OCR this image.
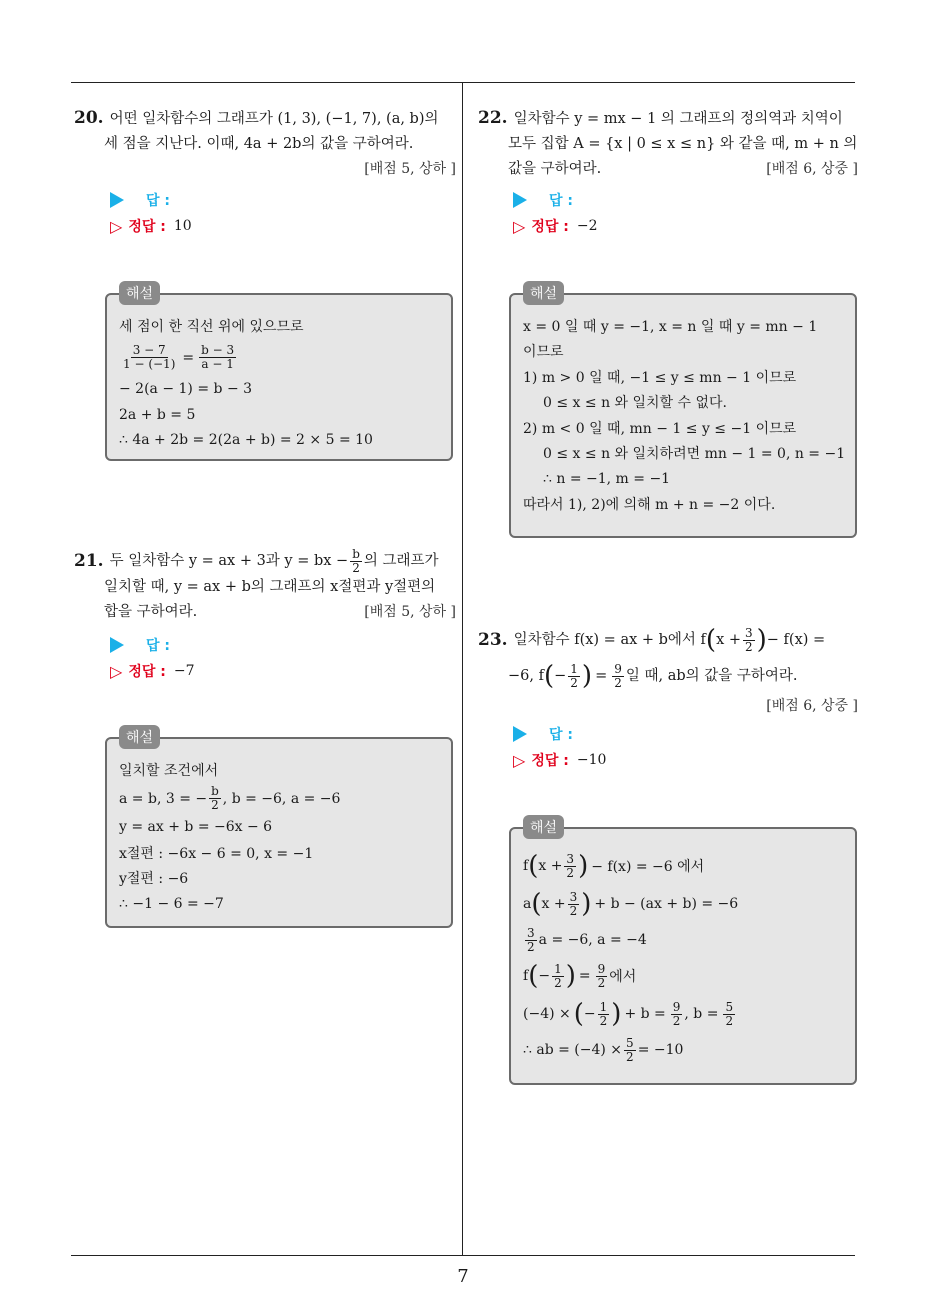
7
20. 어떤 일차함수의 그래프가 (1, 3), (−1, 7), (a, b)의
세 점을 지난다. 이때, 4a + 2b의 값을 구하여라.
[배점 5, 상하 ]
답 :
▷ 정답 : 10
세 점이 한 직선 위에 있으므로
$\frac{3 - 7}{1 - (-1)} = \frac{b - 3}{a - 1}$
− 2(a − 1) = b − 3
2a + b = 5
∴ 4a + 2b = 2(2a + b) = 2 × 5 = 10
해설
21. 두 일차함수 y = ax + 3과 y = bx − $\frac{b}{2}$ 의 그래프가
일치할 때, y = ax + b의 그래프의 x절편과 y절편의
합을 구하여라.	[배점 5, 상하 ]
답 :
▷ 정답 : −7
일치할 조건에서
a = b, 3 = − $\frac{b}{2}$ , b = −6, a = −6
y = ax + b = −6x − 6
x절편 : −6x − 6 = 0, x = −1
y절편 : −6
∴ −1 − 6 = −7
해설
22. 일차함수 y = mx − 1 의 그래프의 정의역과 치역이
모두 집합 A = {x | 0 ≤ x ≤ n} 와 같을 때, m + n 의
값을 구하여라.	[배점 6, 상중 ]
답 :
▷ 정답 : −2
x = 0 일 때 y = −1, x = n 일 때 y = mn − 1
이므로
1) m > 0 일 때, −1 ≤ y ≤ mn − 1 이므로
0 ≤ x ≤ n 와 일치할 수 없다.
2) m < 0 일 때, mn − 1 ≤ y ≤ −1 이므로
0 ≤ x ≤ n 와 일치하려면 mn − 1 = 0, n = −1
∴ n = −1, m = −1
따라서 1), 2)에 의해 m + n = −2 이다.
해설
23. 일차함수 f(x) = ax + b에서 f ( $x + \frac{3}{2}$ ) − f(x) =
−6, f ( − $\frac{1}{2}$ ) = $\frac{9}{2}$ 일 때, ab의 값을 구하여라.
[배점 6, 상중 ]
답 :
▷ 정답 : −10
f ( $x + \frac{3}{2}$ ) − f(x) = −6 에서
a ( $x + \frac{3}{2}$ ) + b − (ax + b) = −6
$\frac{3}{2}$ a = −6, a = −4
f ( − $\frac{1}{2}$ ) = $\frac{9}{2}$ 에서
(−4) × ( − $\frac{1}{2}$ ) + $b = \frac{9}{2}$ , $b = \frac{5}{2}$
∴ ab = $(-4) \times \frac{5}{2} = -10$
해설
